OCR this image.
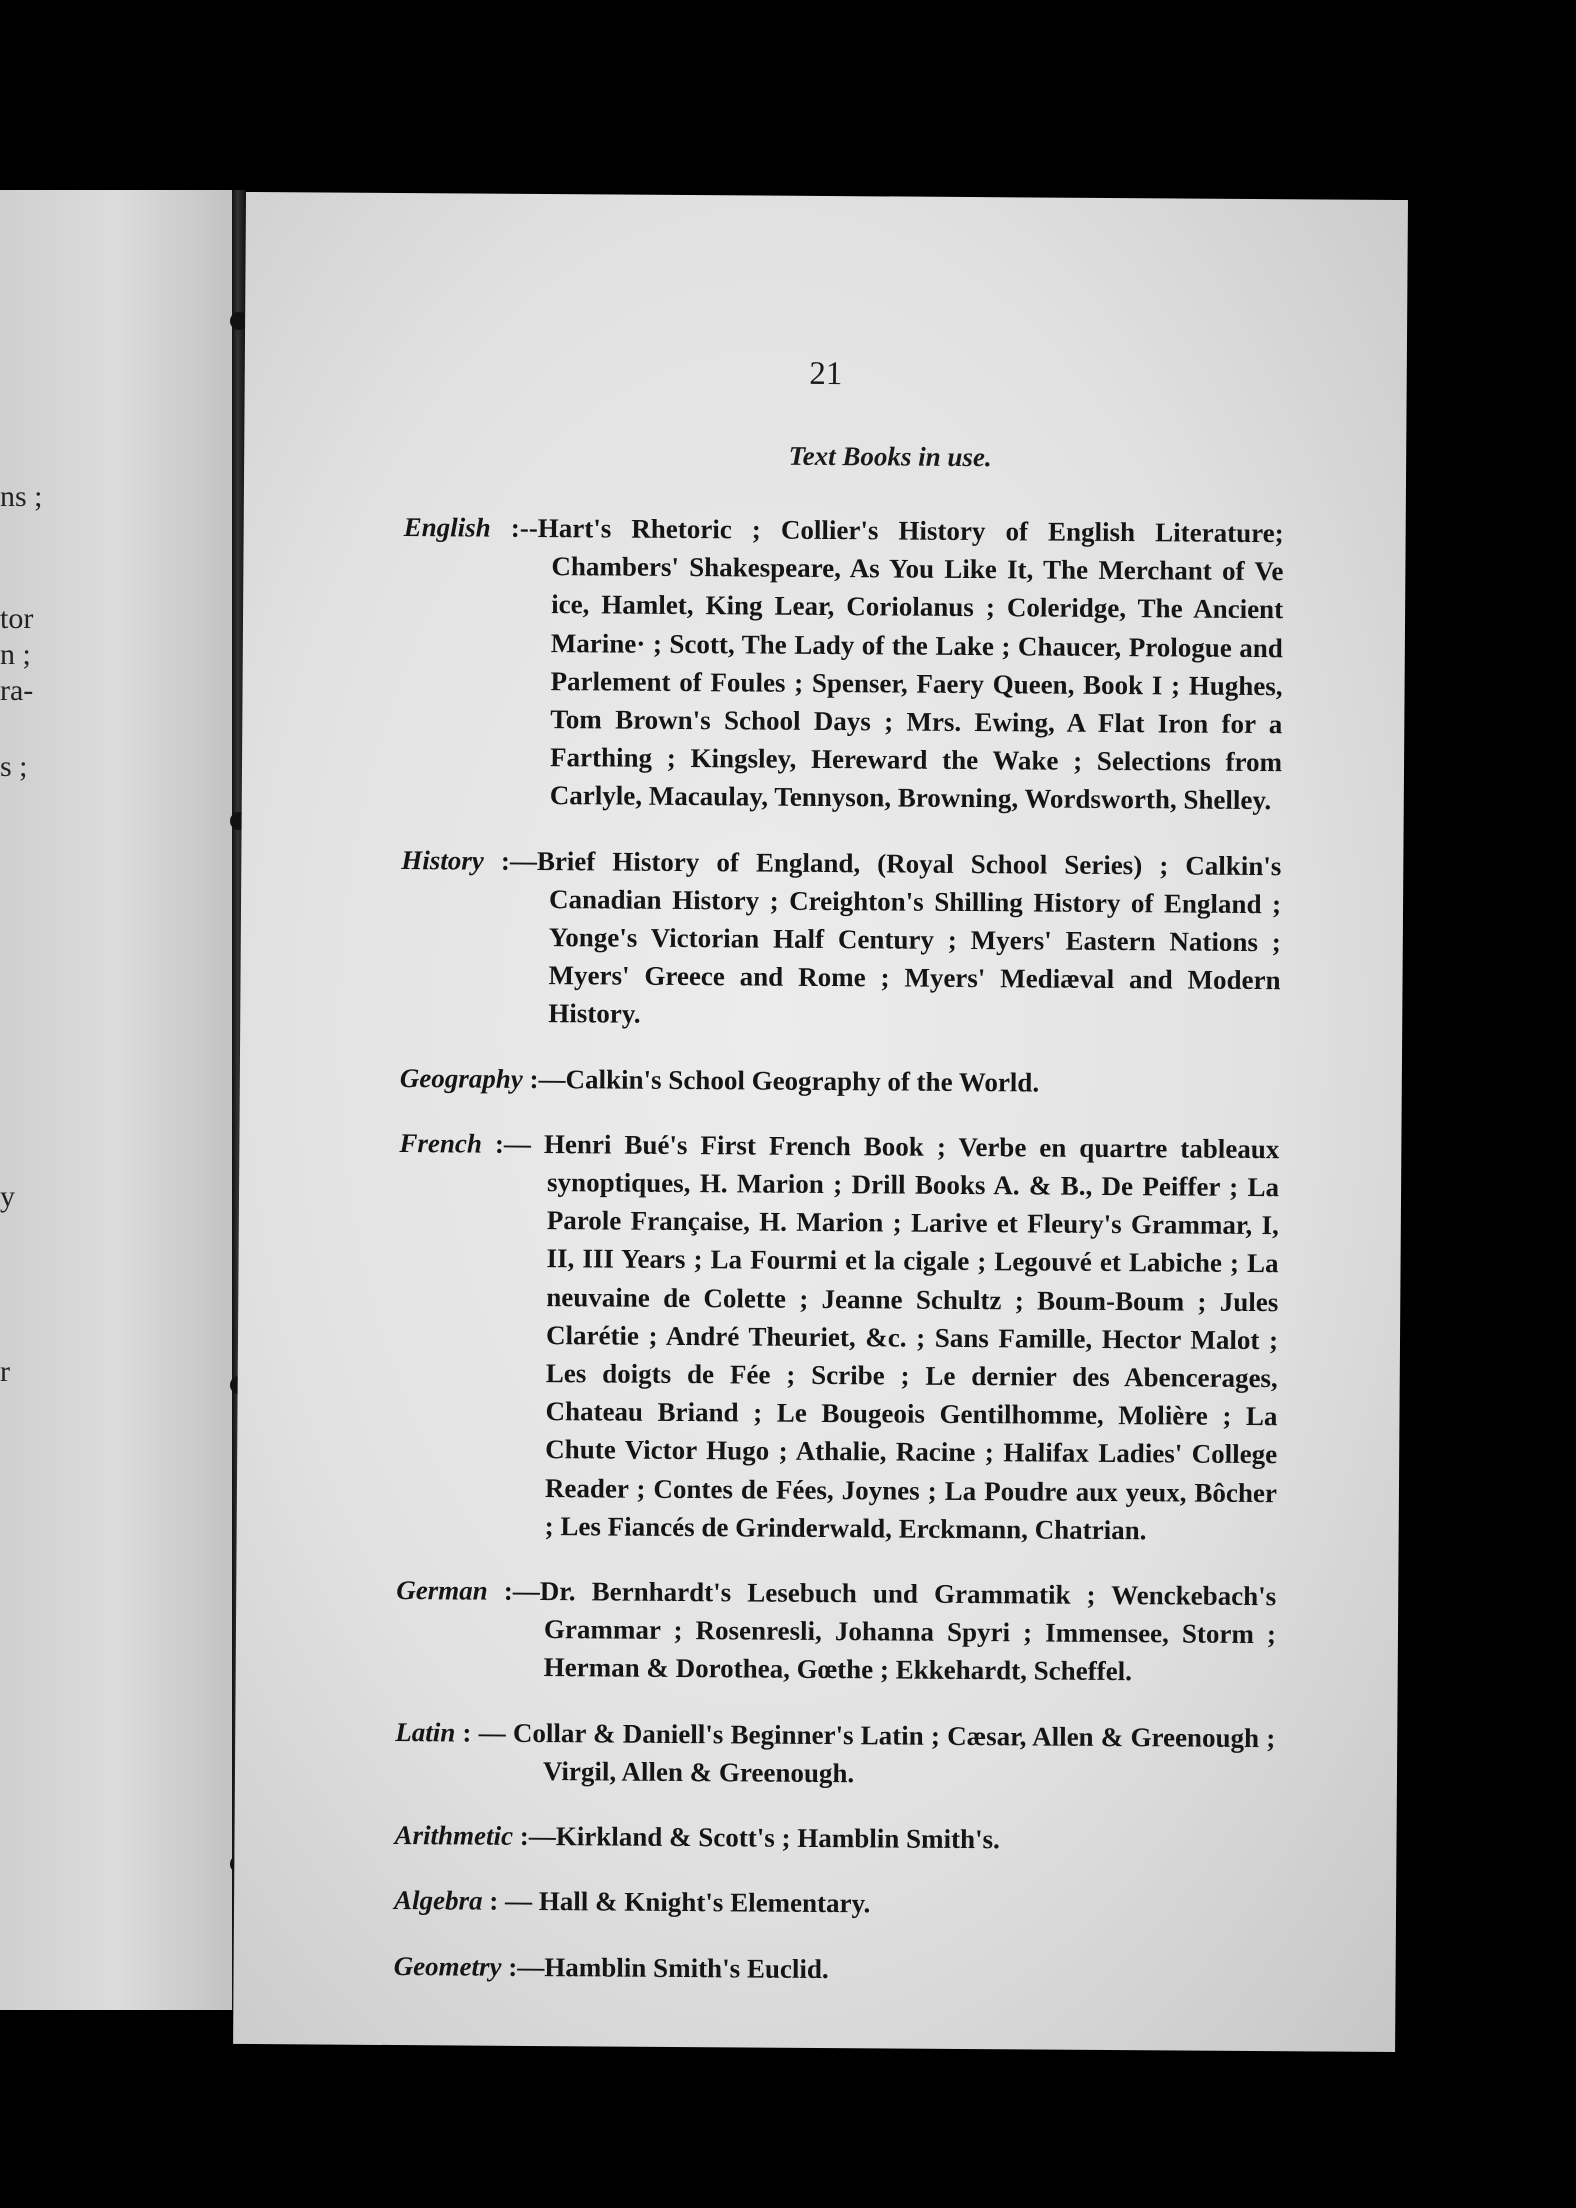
ns ;
tor
n ;
ra-
s ;
y
r
21
Text Books in use.

English :--Hart's Rhetoric ; Collier's History of English Literature; Chambers' Shakespeare, As You Like It, The Merchant of Ve ice, Hamlet, King Lear, Coriolanus ; Coleridge, The Ancient Marine· ; Scott, The Lady of the Lake ; Chaucer, Prologue and Parlement of Foules ; Spenser, Faery Queen, Book I ; Hughes, Tom Brown's School Days ; Mrs. Ewing, A Flat Iron for a Farthing ; Kingsley, Hereward the Wake ; Selections from Carlyle, Macaulay, Tennyson, Browning, Wordsworth, Shelley.

History :—Brief History of England, (Royal School Series) ; Calkin's Canadian History ; Creighton's Shilling History of England ; Yonge's Victorian Half Century ; Myers' Eastern Nations ; Myers' Greece and Rome ; Myers' Mediæval and Modern History.

Geography :—Calkin's School Geography of the World.

French :— Henri Bué's First French Book ; Verbe en quartre tableaux synoptiques, H. Marion ; Drill Books A. & B., De Peiffer ; La Parole Française, H. Marion ; Larive et Fleury's Grammar, I, II, III Years ; La Fourmi et la cigale ; Legouvé et Labiche ; La neuvaine de Colette ; Jeanne Schultz ; Boum-Boum ; Jules Clarétie ; André Theuriet, &c. ; Sans Famille, Hector Malot ; Les doigts de Fée ; Scribe ; Le dernier des Abencerages, Chateau Briand ; Le Bougeois Gentilhomme, Molière ; La Chute Victor Hugo ; Athalie, Racine ; Halifax Ladies' College Reader ; Contes de Fées, Joynes ; La Poudre aux yeux, Bôcher ; Les Fiancés de Grinderwald, Erckmann, Chatrian.

German :—Dr. Bernhardt's Lesebuch und Grammatik ; Wenckebach's Grammar ; Rosenresli, Johanna Spyri ; Immensee, Storm ; Herman & Dorothea, Gœthe ; Ekkehardt, Scheffel.

Latin : — Collar & Daniell's Beginner's Latin ; Cæsar, Allen & Greenough ; Virgil, Allen & Greenough.

Arithmetic :—Kirkland & Scott's ; Hamblin Smith's.

Algebra : — Hall & Knight's Elementary.

Geometry :—Hamblin Smith's Euclid.
